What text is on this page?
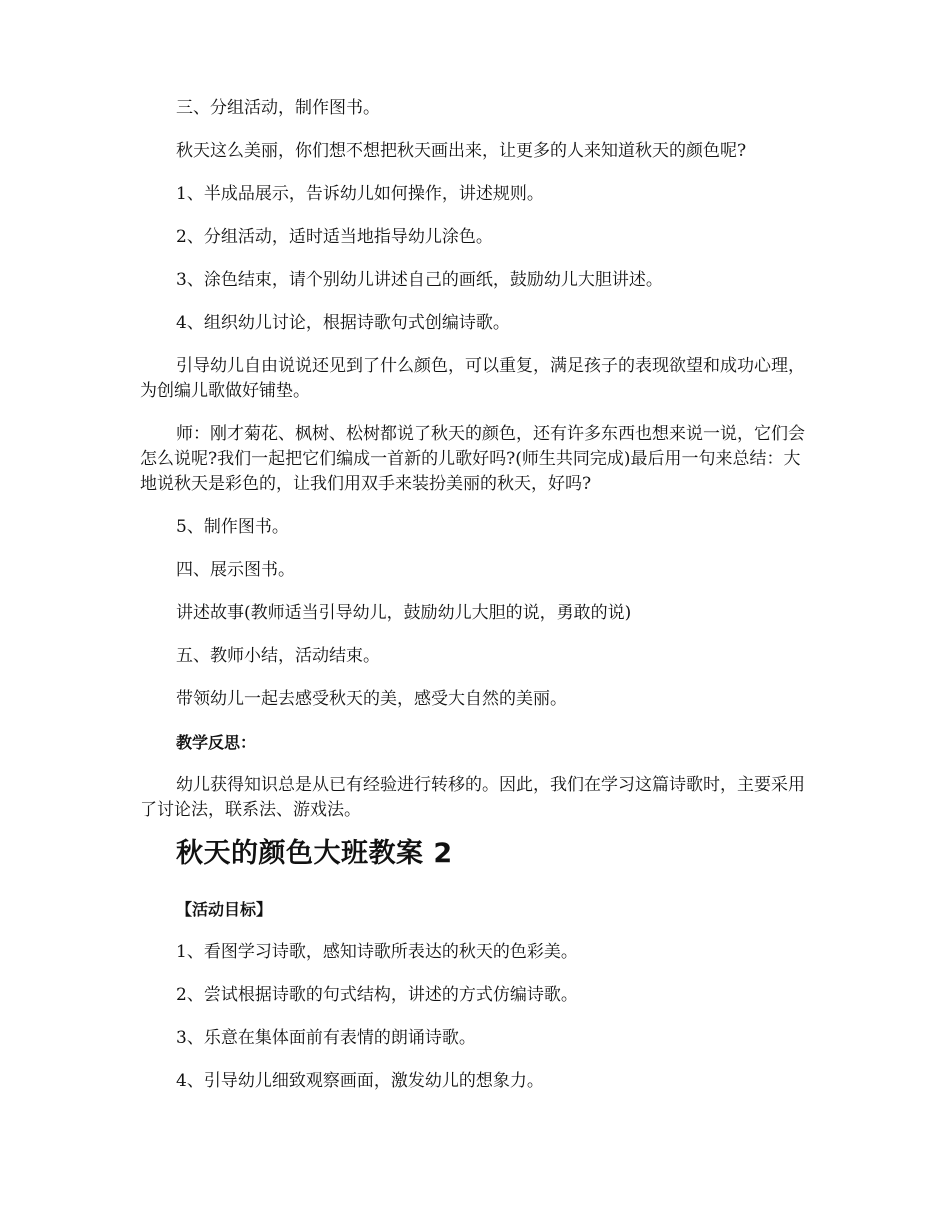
三、分组活动，制作图书。

秋天这么美丽，你们想不想把秋天画出来，让更多的人来知道秋天的颜色呢?

1、半成品展示，告诉幼儿如何操作，讲述规则。

2、分组活动，适时适当地指导幼儿涂色。

3、涂色结束，请个别幼儿讲述自己的画纸，鼓励幼儿大胆讲述。

4、组织幼儿讨论，根据诗歌句式创编诗歌。

引导幼儿自由说说还见到了什么颜色，可以重复，满足孩子的表现欲望和成功心理，为创编儿歌做好铺垫。

师：刚才菊花、枫树、松树都说了秋天的颜色，还有许多东西也想来说一说，它们会怎么说呢?我们一起把它们编成一首新的儿歌好吗?(师生共同完成)最后用一句来总结：大地说秋天是彩色的，让我们用双手来装扮美丽的秋天，好吗?

5、制作图书。

四、展示图书。

讲述故事(教师适当引导幼儿，鼓励幼儿大胆的说，勇敢的说)

五、教师小结，活动结束。

带领幼儿一起去感受秋天的美，感受大自然的美丽。

教学反思：

幼儿获得知识总是从已有经验进行转移的。因此，我们在学习这篇诗歌时，主要采用了讨论法，联系法、游戏法。

秋天的颜色大班教案 2

【活动目标】

1、看图学习诗歌，感知诗歌所表达的秋天的色彩美。

2、尝试根据诗歌的句式结构，讲述的方式仿编诗歌。

3、乐意在集体面前有表情的朗诵诗歌。

4、引导幼儿细致观察画面，激发幼儿的想象力。
